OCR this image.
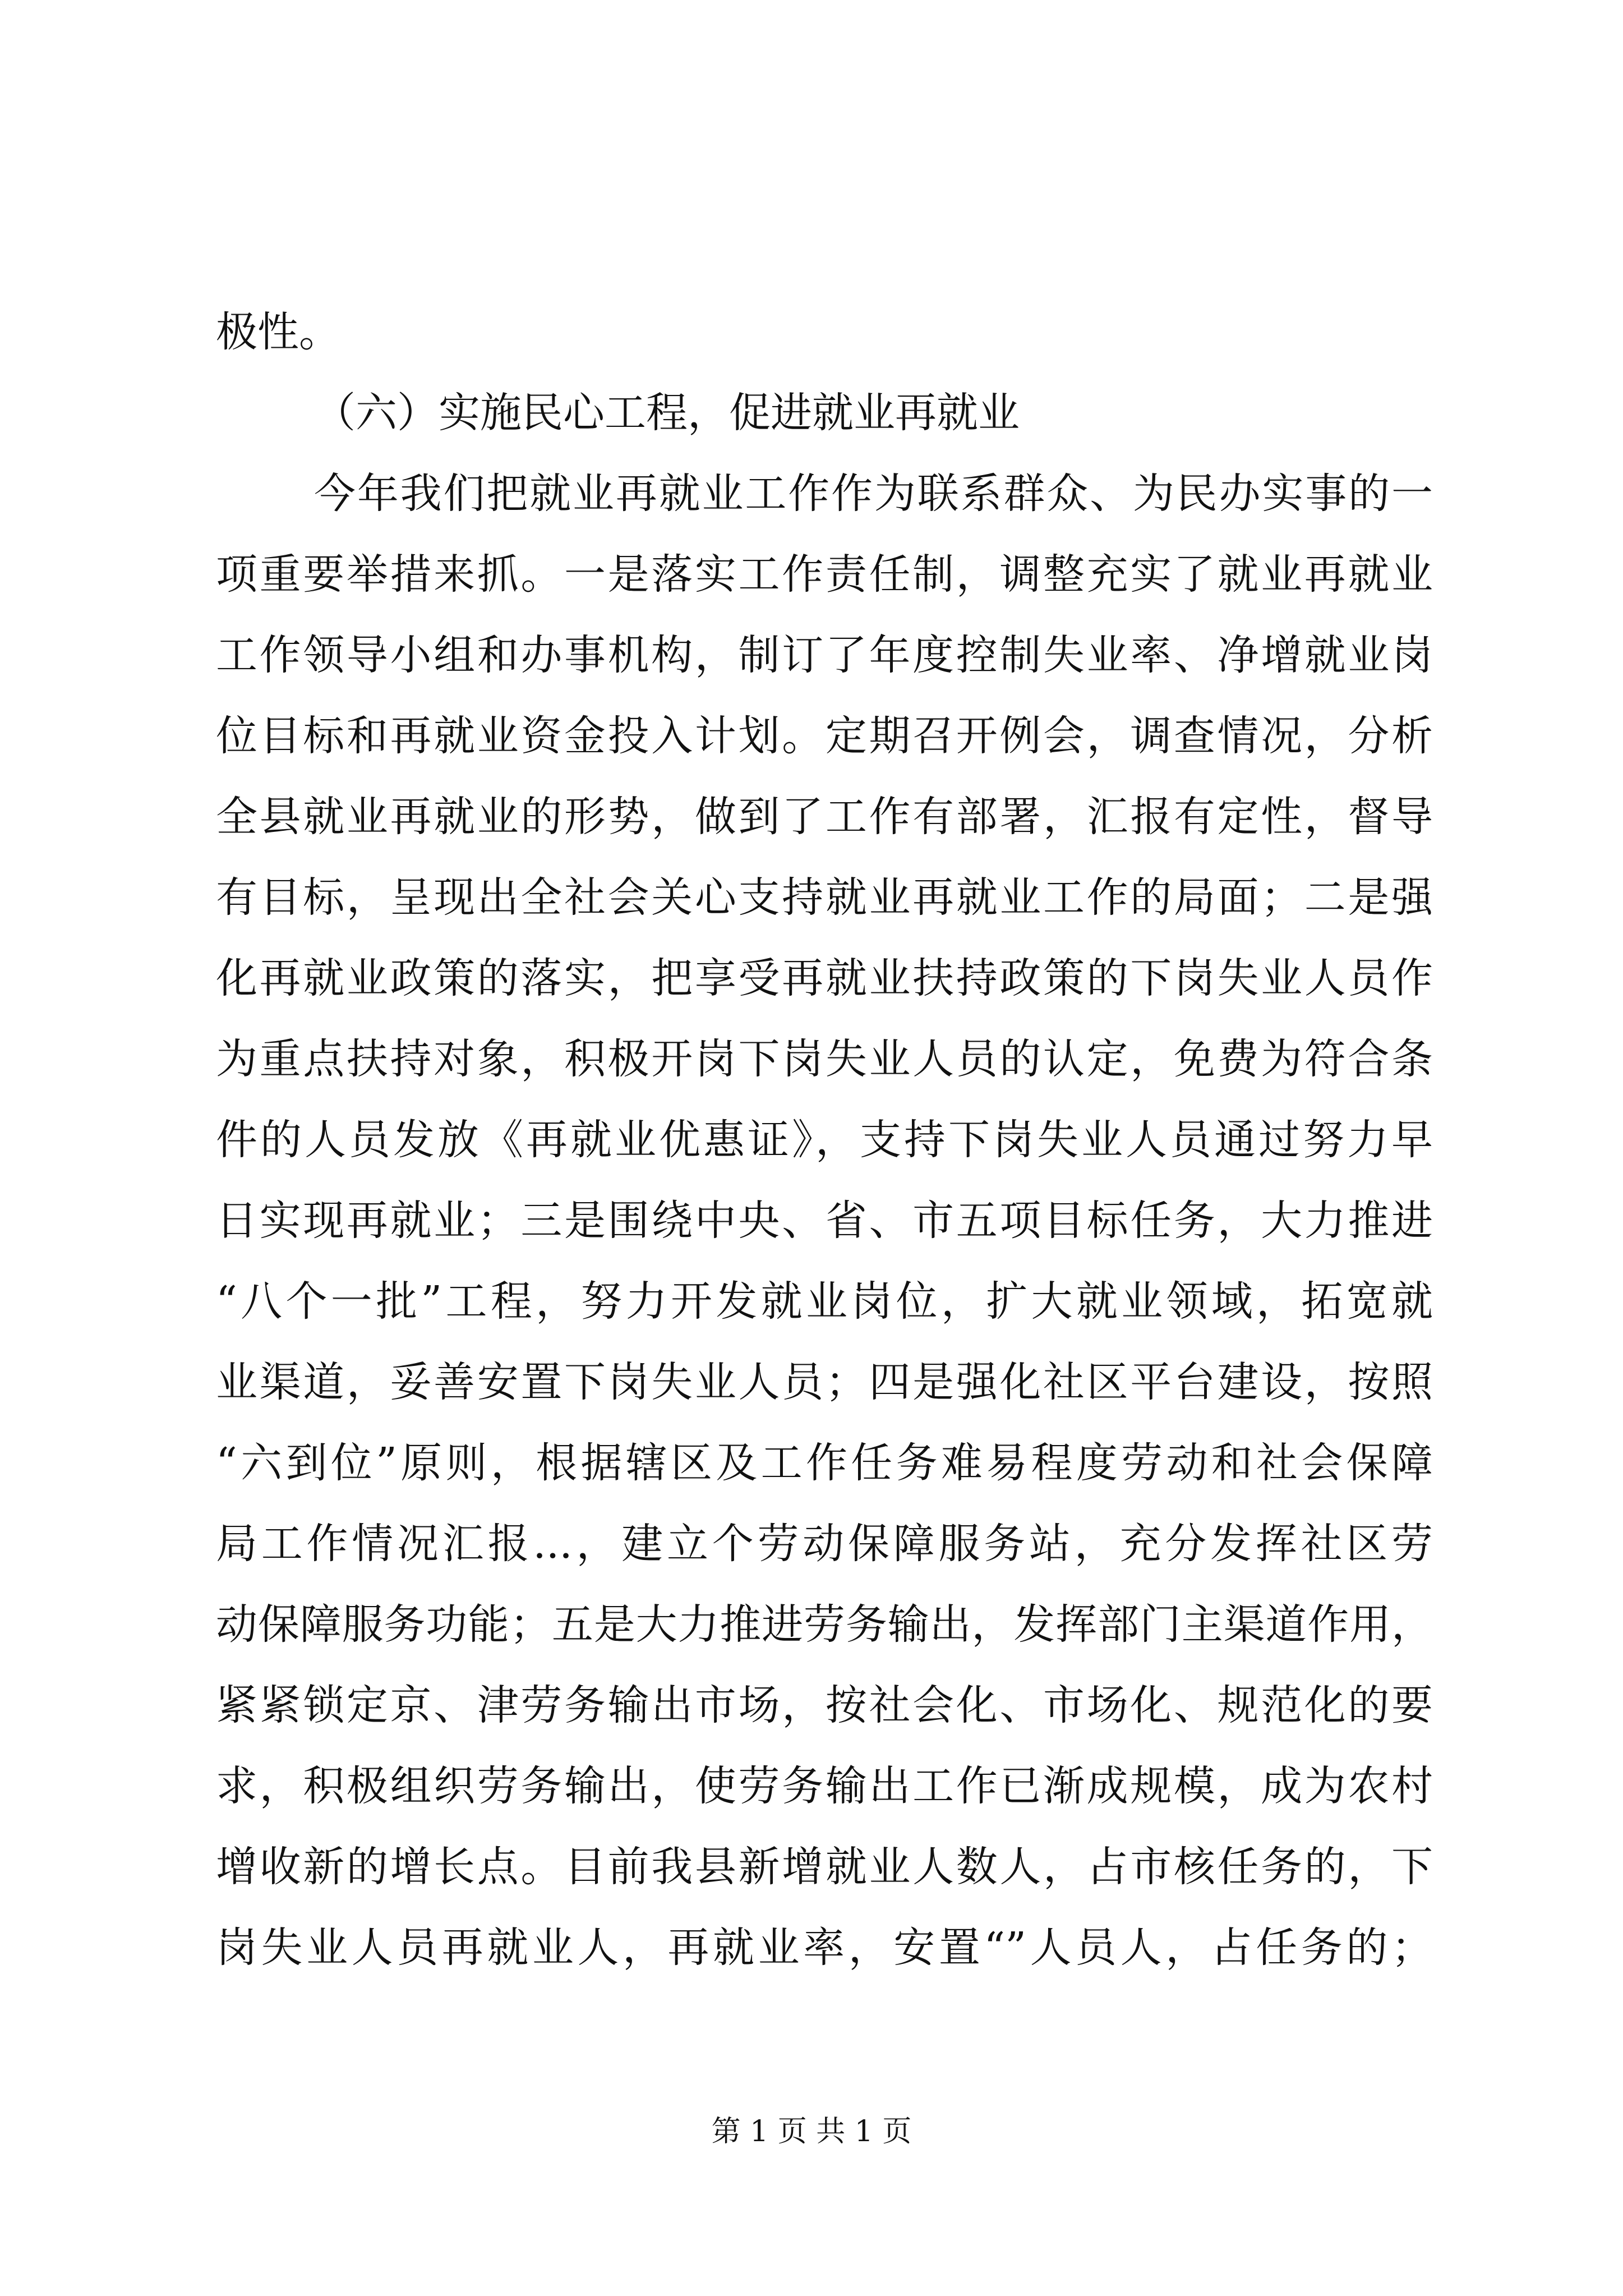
极性。
（六）实施民心工程，促进就业再就业
今年我们把就业再就业工作作为联系群众、为民办实事的一
项重要举措来抓。一是落实工作责任制，调整充实了就业再就业
工作领导小组和办事机构，制订了年度控制失业率、净增就业岗
位目标和再就业资金投入计划。定期召开例会，调查情况，分析
全县就业再就业的形势，做到了工作有部署，汇报有定性，督导
有目标，呈现出全社会关心支持就业再就业工作的局面；二是强
化再就业政策的落实，把享受再就业扶持政策的下岗失业人员作
为重点扶持对象，积极开岗下岗失业人员的认定，免费为符合条
件的人员发放《再就业优惠证》，支持下岗失业人员通过努力早
日实现再就业；三是围绕中央、省、市五项目标任务，大力推进
“八个一批”工程，努力开发就业岗位，扩大就业领域，拓宽就
业渠道，妥善安置下岗失业人员；四是强化社区平台建设，按照
“六到位”原则，根据辖区及工作任务难易程度劳动和社会保障
局工作情况汇报...，建立个劳动保障服务站，充分发挥社区劳
动保障服务功能；五是大力推进劳务输出，发挥部门主渠道作用，
紧紧锁定京、津劳务输出市场，按社会化、市场化、规范化的要
求，积极组织劳务输出，使劳务输出工作已渐成规模，成为农村
增收新的增长点。目前我县新增就业人数人，占市核任务的，下
岗失业人员再就业人，再就业率，安置“”人员人，占任务的；
第 1 页 共 1 页
